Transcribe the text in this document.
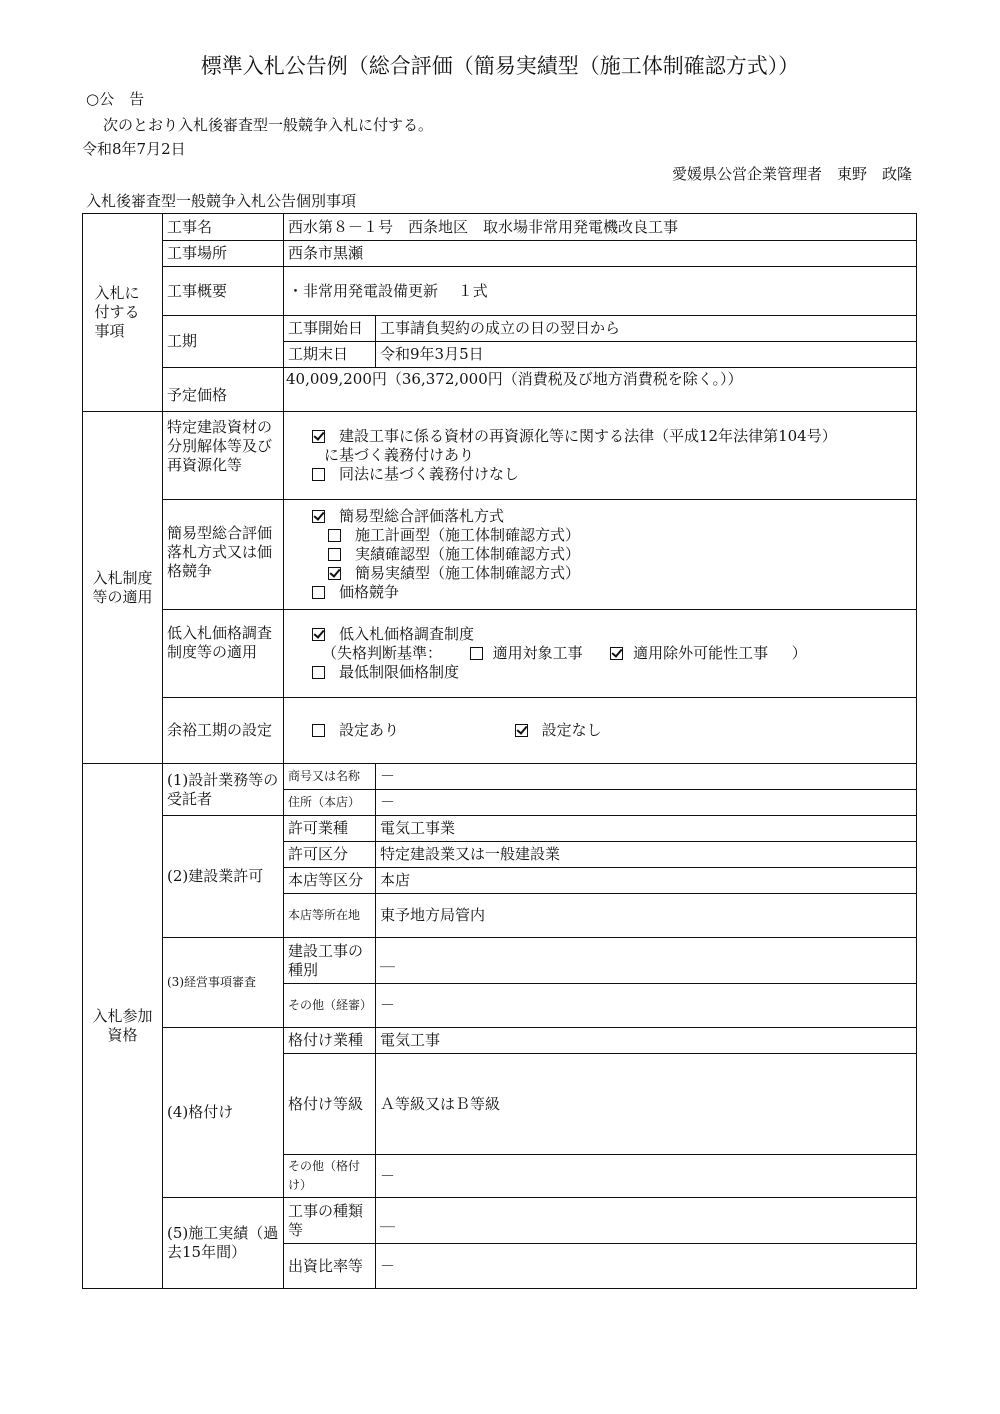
標準入札公告例（総合評価（簡易実績型（施工体制確認方式））
○公　告
次のとおり入札後審査型一般競争入札に付する。
令和8年7月2日
愛媛県公営企業管理者　東野　政隆
入札後審査型一般競争入札公告個別事項
入札に付する事項	工事名	西水第８－１号　西条地区　取水場非常用発電機改良工事	
	工事場所	西条市黒瀬	
	工事概要	・非常用発電設備更新　 １式	
	工期	工事開始日	工事請負契約の成立の日の翌日から
		工期末日	令和9年3月5日
	予定価格	40,009,200円（36,372,000円（消費税及び地方消費税を除く。））	

入札制度等の適用	特定建設資材の分別解体等及び再資源化等	建設工事に係る資材の再資源化等に関する法律（平成12年法律第104号）
に基づく義務付けあり
同法に基づく義務付けなし	

	簡易型総合評価落札方式又は価格競争	簡易型総合評価落札方式
施工計画型（施工体制確認方式）
実績確認型（施工体制確認方式）
簡易実績型（施工体制確認方式）
価格競争	

	低入札価格調査制度等の適用	低入札価格調査制度
（失格判断基準： 適用対象工事 適用除外可能性工事 ）
最低制限価格制度	

	余裕工期の設定	設定あり 設定なし	

入札参加資格	(1)設計業務等の受託者	商号又は名称	－
		住所（本店）	－
	(2)建設業許可	許可業種	電気工事業
		許可区分	特定建設業又は一般建設業
		本店等区分	本店
		本店等所在地	東予地方局管内
	(3)経営事項審査	建設工事の種別	＿
		その他（経審）	－
	(4)格付け	格付け業種	電気工事
		格付け等級	Ａ等級又はＢ等級
		その他（格付け）	－
	(5)施工実績（過去15年間）	工事の種類等	＿
		出資比率等	－
